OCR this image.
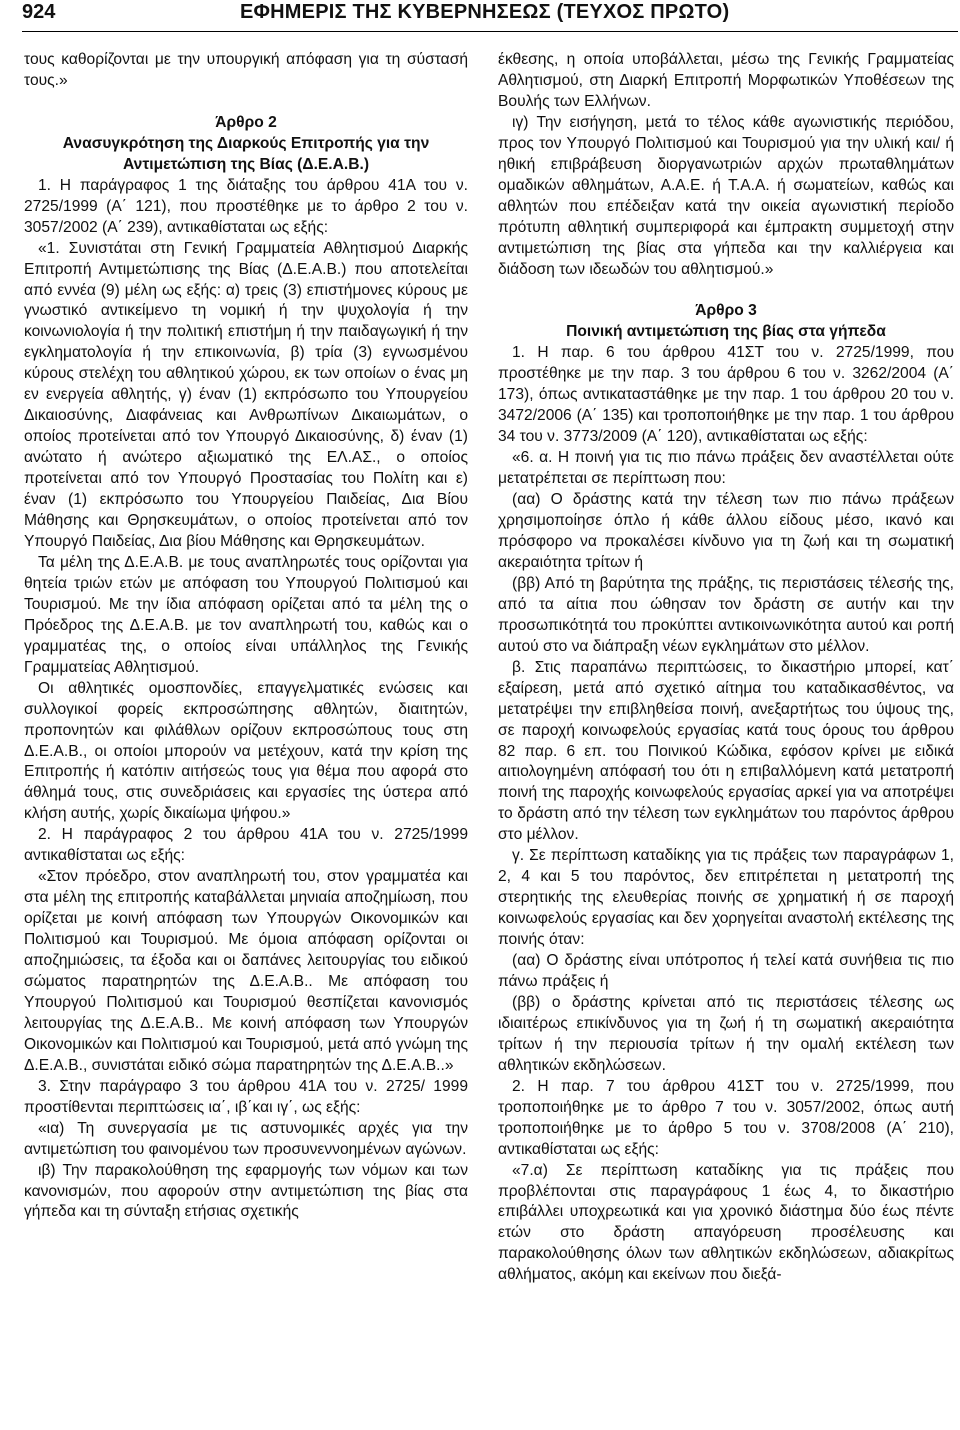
924	ΕΦΗΜΕΡΙΣ ΤΗΣ ΚΥΒΕΡΝΗΣΕΩΣ (ΤΕΥΧΟΣ ΠΡΩΤΟ)

τους καθορίζονται με την υπουργική απόφαση για τη σύστασή τους.»

Άρθρο 2

Ανασυγκρότηση της Διαρκούς Επιτροπής για την Αντιμετώπιση της Βίας (Δ.Ε.Α.Β.)

1. Η παράγραφος 1 της διάταξης του άρθρου 41Α του ν. 2725/1999 (Α΄ 121), που προστέθηκε με το άρθρο 2 του ν. 3057/2002 (Α΄ 239), αντικαθίσταται ως εξής:

«1. Συνιστάται στη Γενική Γραμματεία Αθλητισμού Διαρκής Επιτροπή Αντιμετώπισης της Βίας (Δ.Ε.Α.Β.) που αποτελείται από εννέα (9) μέλη ως εξής: α) τρεις (3) επιστήμονες κύρους με γνωστικό αντικείμενο τη νομική ή την ψυχολογία ή την κοινωνιολογία ή την πολιτική επιστήμη ή την παιδαγωγική ή την εγκληματολογία ή την επικοινωνία, β) τρία (3) εγνωσμένου κύρους στελέχη του αθλητικού χώρου, εκ των οποίων ο ένας μη εν ενεργεία αθλητής, γ) έναν (1) εκπρόσωπο του Υπουργείου Δικαιοσύνης, Διαφάνειας και Ανθρωπίνων Δικαιωμάτων, ο οποίος προτείνεται από τον Υπουργό Δικαιοσύνης, δ) έναν (1) ανώτατο ή ανώτερο αξιωματικό της ΕΛ.ΑΣ., ο οποίος προτείνεται από τον Υπουργό Προστασίας του Πολίτη και ε) έναν (1) εκπρόσωπο του Υπουργείου Παιδείας, Δια Βίου Μάθησης και Θρησκευμάτων, ο οποίος προτείνεται από τον Υπουργό Παιδείας, Δια βίου Μάθησης και Θρησκευμάτων.

Τα μέλη της Δ.Ε.Α.Β. με τους αναπληρωτές τους ορίζονται για θητεία τριών ετών με απόφαση του Υπουργού Πολιτισμού και Τουρισμού. Με την ίδια απόφαση ορίζεται από τα μέλη της ο Πρόεδρος της Δ.Ε.Α.Β. με τον αναπληρωτή του, καθώς και ο γραμματέας της, ο οποίος είναι υπάλληλος της Γενικής Γραμματείας Αθλητισμού.

Οι αθλητικές ομοσπονδίες, επαγγελματικές ενώσεις και συλλογικοί φορείς εκπροσώπησης αθλητών, διαιτητών, προπονητών και φιλάθλων ορίζουν εκπροσώπους τους στη Δ.Ε.Α.Β., οι οποίοι μπορούν να μετέχουν, κατά την κρίση της Επιτροπής ή κατόπιν αιτήσεώς τους για θέμα που αφορά στο άθλημά τους, στις συνεδριάσεις και εργασίες της ύστερα από κλήση αυτής, χωρίς δικαίωμα ψήφου.»

2. Η παράγραφος 2 του άρθρου 41Α του ν. 2725/1999 αντικαθίσταται ως εξής:

«Στον πρόεδρο, στον αναπληρωτή του, στον γραμματέα και στα μέλη της επιτροπής καταβάλλεται μηνιαία αποζημίωση, που ορίζεται με κοινή απόφαση των Υπουργών Οικονομικών και Πολιτισμού και Τουρισμού. Με όμοια απόφαση ορίζονται οι αποζημιώσεις, τα έξοδα και οι δαπάνες λειτουργίας του ειδικού σώματος παρατηρητών της Δ.Ε.Α.Β.. Με απόφαση του Υπουργού Πολιτισμού και Τουρισμού θεσπίζεται κανονισμός λειτουργίας της Δ.Ε.Α.Β.. Με κοινή απόφαση των Υπουργών Οικονομικών και Πολιτισμού και Τουρισμού, μετά από γνώμη της Δ.Ε.Α.Β., συνιστάται ειδικό σώμα παρατηρητών της Δ.Ε.Α.Β..»

3. Στην παράγραφο 3 του άρθρου 41Α του ν. 2725/ 1999 προστίθενται περιπτώσεις ια΄, ιβ΄και ιγ΄, ως εξής:

«ια) Τη συνεργασία με τις αστυνομικές αρχές για την αντιμετώπιση του φαινομένου των προσυνεννοημένων αγώνων.

ιβ) Την παρακολούθηση της εφαρμογής των νόμων και των κανονισμών, που αφορούν στην αντιμετώπιση της βίας στα γήπεδα και τη σύνταξη ετήσιας σχετικής

έκθεσης, η οποία υποβάλλεται, μέσω της Γενικής Γραμματείας Αθλητισμού, στη Διαρκή Επιτροπή Μορφωτικών Υποθέσεων της Βουλής των Ελλήνων.

ιγ) Την εισήγηση, μετά το τέλος κάθε αγωνιστικής περιόδου, προς τον Υπουργό Πολιτισμού και Τουρισμού για την υλική και/ ή ηθική επιβράβευση διοργανωτριών αρχών πρωταθλημάτων ομαδικών αθλημάτων, Α.Α.Ε. ή Τ.Α.Α. ή σωματείων, καθώς και αθλητών που επέδειξαν κατά την οικεία αγωνιστική περίοδο πρότυπη αθλητική συμπεριφορά και έμπρακτη συμμετοχή στην αντιμετώπιση της βίας στα γήπεδα και την καλλιέργεια και διάδοση των ιδεωδών του αθλητισμού.»

Άρθρο 3

Ποινική αντιμετώπιση της βίας στα γήπεδα

1. Η παρ. 6 του άρθρου 41ΣΤ του ν. 2725/1999, που προστέθηκε με την παρ. 3 του άρθρου 6 του ν. 3262/2004 (Α΄ 173), όπως αντικαταστάθηκε με την παρ. 1 του άρθρου 20 του ν. 3472/2006 (Α΄ 135) και τροποποιήθηκε με την παρ. 1 του άρθρου 34 του ν. 3773/2009 (Α΄ 120), αντικαθίσταται ως εξής:

«6. α. Η ποινή για τις πιο πάνω πράξεις δεν αναστέλλεται ούτε μετατρέπεται σε περίπτωση που:

(αα) Ο δράστης κατά την τέλεση των πιο πάνω πράξεων χρησιμοποίησε όπλο ή κάθε άλλου είδους μέσο, ικανό και πρόσφορο να προκαλέσει κίνδυνο για τη ζωή και τη σωματική ακεραιότητα τρίτων ή

(ββ) Από τη βαρύτητα της πράξης, τις περιστάσεις τέλεσής της, από τα αίτια που ώθησαν τον δράστη σε αυτήν και την προσωπικότητά του προκύπτει αντικοινωνικότητα αυτού και ροπή αυτού στο να διάπραξη νέων εγκλημάτων στο μέλλον.

β. Στις παραπάνω περιπτώσεις, το δικαστήριο μπορεί, κατ΄ εξαίρεση, μετά από σχετικό αίτημα του καταδικασθέντος, να μετατρέψει την επιβληθείσα ποινή, ανεξαρτήτως του ύψους της, σε παροχή κοινωφελούς εργασίας κατά τους όρους του άρθρου 82 παρ. 6 επ. του Ποινικού Κώδικα, εφόσον κρίνει με ειδικά αιτιολογημένη απόφασή του ότι η επιβαλλόμενη κατά μετατροπή ποινή της παροχής κοινωφελούς εργασίας αρκεί για να αποτρέψει το δράστη από την τέλεση των εγκλημάτων του παρόντος άρθρου στο μέλλον.

γ. Σε περίπτωση καταδίκης για τις πράξεις των παραγράφων 1, 2, 4 και 5 του παρόντος, δεν επιτρέπεται η μετατροπή της στερητικής της ελευθερίας ποινής σε χρηματική ή σε παροχή κοινωφελούς εργασίας και δεν χορηγείται αναστολή εκτέλεσης της ποινής όταν:

(αα) Ο δράστης είναι υπότροπος ή τελεί κατά συνήθεια τις πιο πάνω πράξεις ή

(ββ) ο δράστης κρίνεται από τις περιστάσεις τέλεσης ως ιδιαιτέρως επικίνδυνος για τη ζωή ή τη σωματική ακεραιότητα τρίτων ή την περιουσία τρίτων ή την ομαλή εκτέλεση των αθλητικών εκδηλώσεων.

2. Η παρ. 7 του άρθρου 41ΣΤ του ν. 2725/1999, που τροποποιήθηκε με το άρθρο 7 του ν. 3057/2002, όπως αυτή τροποποιήθηκε με το άρθρο 5 του ν. 3708/2008 (Α΄ 210), αντικαθίσταται ως εξής:

«7.α) Σε περίπτωση καταδίκης για τις πράξεις που προβλέπονται στις παραγράφους 1 έως 4, το δικαστήριο επιβάλλει υποχρεωτικά και για χρονικό διάστημα δύο έως πέντε ετών στο δράστη απαγόρευση προσέλευσης και παρακολούθησης όλων των αθλητικών εκδηλώσεων, αδιακρίτως αθλήματος, ακόμη και εκείνων που διεξά-
